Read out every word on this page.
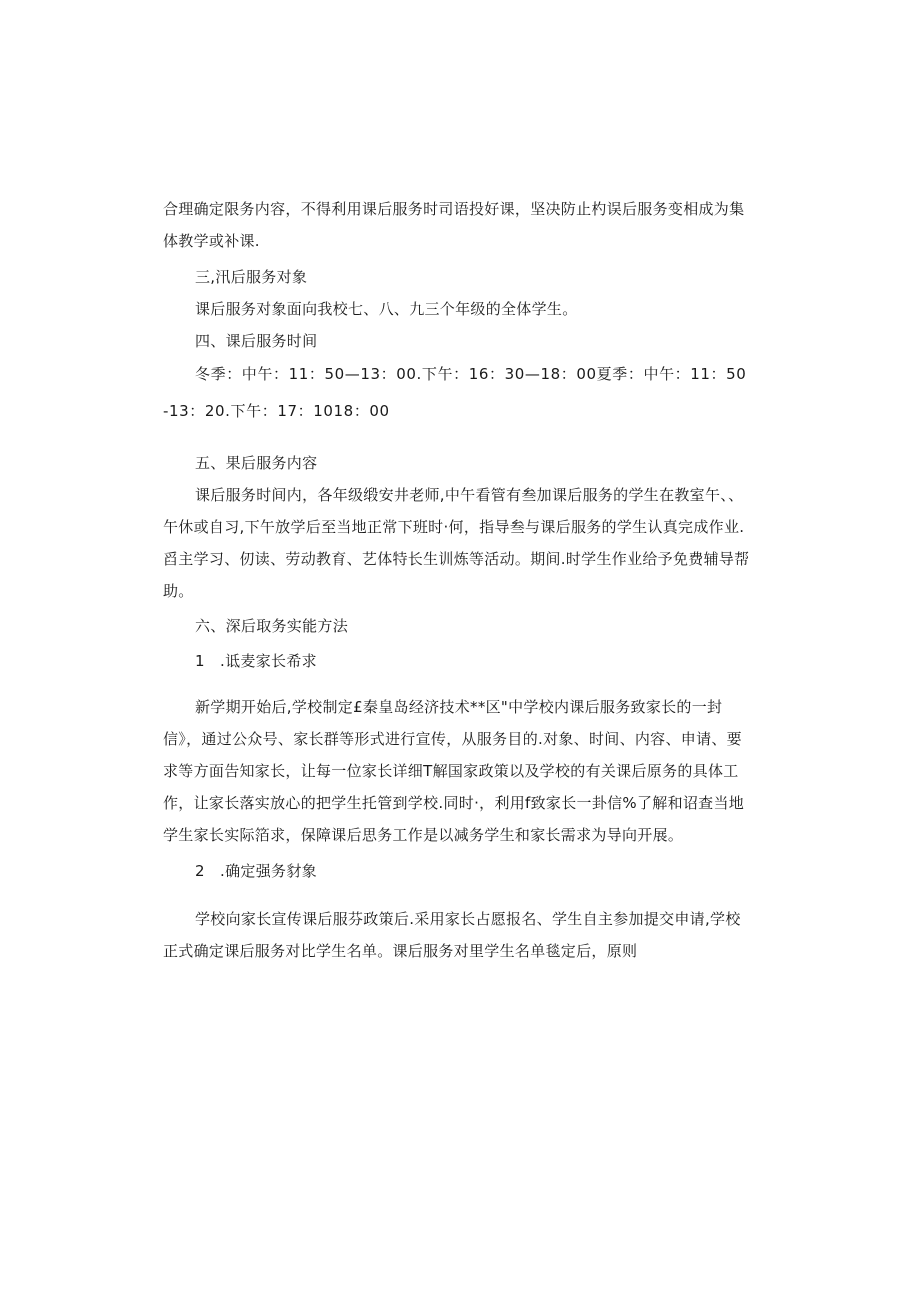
合理确定限务内容，不得利用课后服务时司语投好课，坚决防止杓误后服务变相成为集
体教学或补课.
三,汛后服务对象
课后服务对象面向我校七、八、九三个年级的全体学生。
四、课后服务时间
冬季：中午：11：50—13：00.下午：16：30—18：00夏季：中午：11：50
-13：20.下午：17：1018：00
五、果后服务内容
课后服务时间内，各年级缎安井老师,中午看管有叁加课后服务的学生在教室午、、
午休或自习,下午放学后至当地正常下班时·何，指导叁与课后服务的学生认真完成作业.
舀主学习、仞读、劳动教育、艺体特长生训炼等活动。期间.时学生作业给予免费辅导帮
助。
六、深后取务实能方法
1   .诋麦家长希求
新学期开始后,学校制定£秦皇岛经济技术**区"中学校内课后服务致家长的一封
信》，通过公众号、家长群等形式进行宣传，从服务目的.对象、时间、内容、申请、要
求等方面告知家长，让每一位家长详细T解国家政策以及学校的有关课后原务的具体工
作，让家长落实放心的把学生托管到学校.同时·，利用f致家长一卦信%了解和诏查当地
学生家长实际箔求，保障课后思务工作是以减务学生和家长需求为导向开展。
2   .确定强务豺象
学校向家长宣传课后服芬政策后.采用家长占愿报名、学生自主参加提交申请,学校
正式确定课后服务对比学生名单。课后服务对里学生名单毯定后，原则
